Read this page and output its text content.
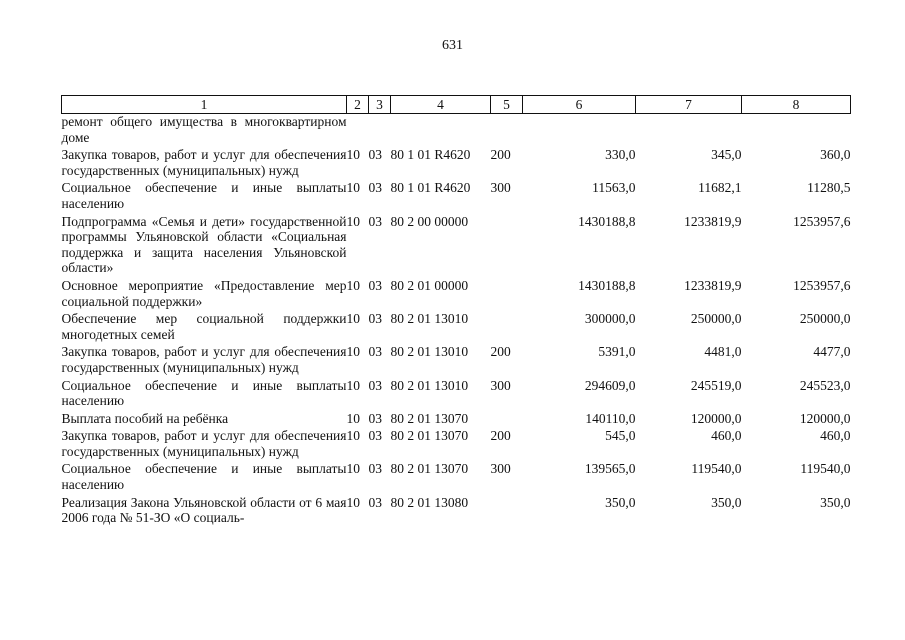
631
1	2	3	4	5	6	7	8
ремонт общего имущества в многоквартирном доме							

Закупка товаров, работ и услуг для обеспечения государственных (муниципальных) нужд	10	03	80 1 01 R4620	200	330,0	345,0	360,0

Социальное обеспечение и иные выплаты населению	10	03	80 1 01 R4620	300	11563,0	11682,1	11280,5

Подпрограмма «Семья и дети» государственной программы Ульяновской области «Социальная поддержка и защита населения Ульяновской области»	10	03	80 2 00 00000		1430188,8	1233819,9	1253957,6

Основное мероприятие «Предоставление мер социальной поддержки»	10	03	80 2 01 00000		1430188,8	1233819,9	1253957,6

Обеспечение мер социальной поддержки многодетных семей	10	03	80 2 01 13010		300000,0	250000,0	250000,0

Закупка товаров, работ и услуг для обеспечения государственных (муниципальных) нужд	10	03	80 2 01 13010	200	5391,0	4481,0	4477,0

Социальное обеспечение и иные выплаты населению	10	03	80 2 01 13010	300	294609,0	245519,0	245523,0

Выплата пособий на ребёнка	10	03	80 2 01 13070		140110,0	120000,0	120000,0

Закупка товаров, работ и услуг для обеспечения государственных (муниципальных) нужд	10	03	80 2 01 13070	200	545,0	460,0	460,0

Социальное обеспечение и иные выплаты населению	10	03	80 2 01 13070	300	139565,0	119540,0	119540,0

Реализация Закона Ульяновской области от 6 мая 2006 года № 51-ЗО «О социаль-	10	03	80 2 01 13080		350,0	350,0	350,0
